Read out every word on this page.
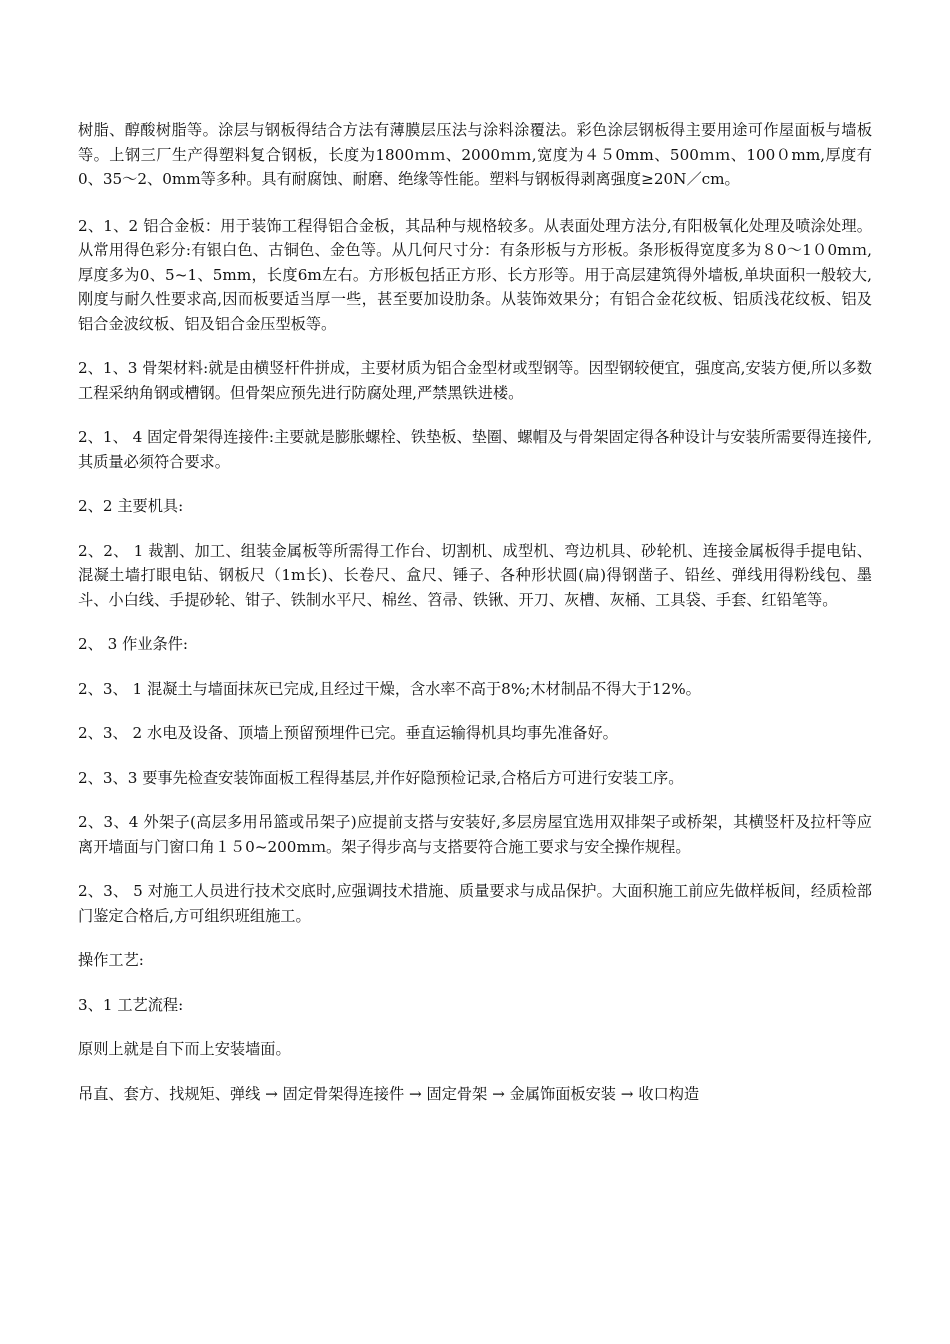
树脂、醇酸树脂等。涂层与钢板得结合方法有薄膜层压法与涂料涂覆法。彩色涂层钢板得主要用途可作屋面板与墙板等。上钢三厂生产得塑料复合钢板，长度为1800ｍｍ、2000ｍｍ,宽度为４５0mm、500ｍｍ、100０mm,厚度有0、35～2、0mm等多种。具有耐腐蚀、耐磨、绝缘等性能。塑料与钢板得剥离强度≥20N／cm。

2、1、2 铝合金板：用于装饰工程得铝合金板，其品种与规格较多。从表面处理方法分,有阳极氧化处理及喷涂处理。从常用得色彩分:有银白色、古铜色、金色等。从几何尺寸分：有条形板与方形板。条形板得宽度多为８0～1０0mｍ,厚度多为0、5~1、5mm，长度6m左右。方形板包括正方形、长方形等。用于高层建筑得外墙板,单块面积一般较大,刚度与耐久性要求高,因而板要适当厚一些，甚至要加设肋条。从装饰效果分；有铝合金花纹板、铝质浅花纹板、铝及铝合金波纹板、铝及铝合金压型板等。

2、1、3 骨架材料:就是由横竖杆件拼成，主要材质为铝合金型材或型钢等。因型钢较便宜，强度高,安装方便,所以多数工程采纳角钢或槽钢。但骨架应预先进行防腐处理,严禁黑铁进楼。

2、1、 4 固定骨架得连接件:主要就是膨胀螺栓、铁垫板、垫圈、螺帽及与骨架固定得各种设计与安装所需要得连接件,其质量必须符合要求。

2、2 主要机具:

2、2、 1 裁割、加工、组装金属板等所需得工作台、切割机、成型机、弯边机具、砂轮机、连接金属板得手提电钻、混凝土墙打眼电钻、钢板尺（1m长)、长卷尺、盒尺、锤子、各种形状圆(扁)得钢凿子、铅丝、弹线用得粉线包、墨斗、小白线、手提砂轮、钳子、铁制水平尺、棉丝、笤帚、铁锹、开刀、灰槽、灰桶、工具袋、手套、红铅笔等。

2、 3 作业条件:

2、3、 1 混凝土与墙面抹灰已完成,且经过干燥，含水率不高于8%;木材制品不得大于12%。

2、3、 2 水电及设备、顶墙上预留预埋件已完。垂直运输得机具均事先准备好。

2、3、3 要事先检查安装饰面板工程得基层,并作好隐预检记录,合格后方可进行安装工序。

2、3、4 外架子(高层多用吊篮或吊架子)应提前支搭与安装好,多层房屋宜选用双排架子或桥架，其横竖杆及拉杆等应离开墙面与门窗口角１５0~200mｍ。架子得步高与支搭要符合施工要求与安全操作规程。

2、3、 5 对施工人员进行技术交底时,应强调技术措施、质量要求与成品保护。大面积施工前应先做样板间，经质检部门鉴定合格后,方可组织班组施工。

操作工艺:

3、1 工艺流程:

原则上就是自下而上安装墙面。

吊直、套方、找规矩、弹线 → 固定骨架得连接件 → 固定骨架 → 金属饰面板安装 → 收口构造
